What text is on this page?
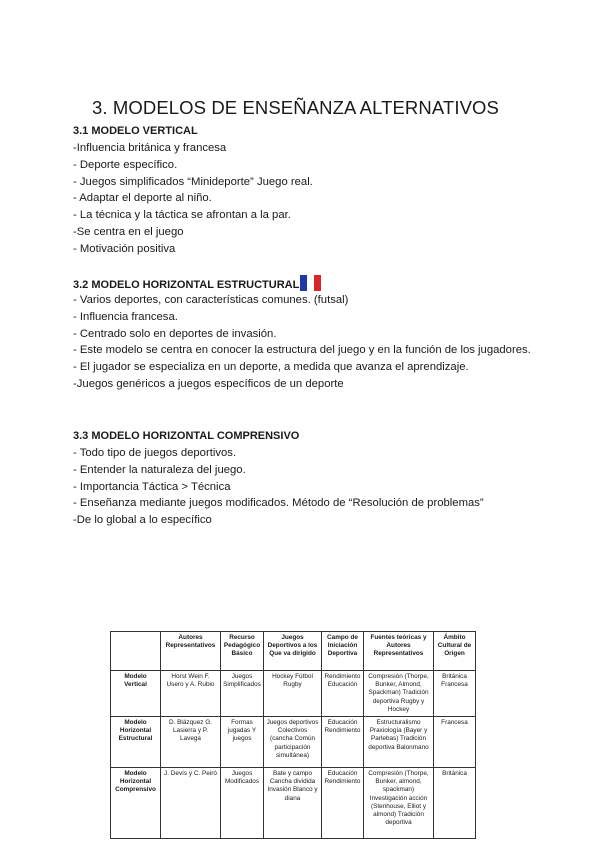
3. MODELOS DE ENSEÑANZA ALTERNATIVOS
3.1 MODELO VERTICAL
-Influencia británica y francesa
- Deporte específico.
- Juegos simplificados “Minideporte” Juego real.
- Adaptar el deporte al niño.
- La técnica y la táctica se afrontan a la par.
-Se centra en el juego
- Motivación positiva
3.2 MODELO HORIZONTAL ESTRUCTURAL
- Varios deportes, con características comunes. (futsal)
- Influencia francesa.
- Centrado solo en deportes de invasión.
- Este modelo se centra en conocer la estructura del juego y en la función de los jugadores.
- El jugador se especializa en un deporte, a medida que avanza el aprendizaje.
-Juegos genéricos a juegos específicos de un deporte
3.3 MODELO HORIZONTAL COMPRENSIVO
- Todo tipo de juegos deportivos.
- Entender la naturaleza del juego.
- Importancia Táctica > Técnica
- Enseñanza mediante juegos modificados. Método de “Resolución de problemas”
-De lo global a lo específico
	Autores Representativos	Recurso Pedagógico Básico	Juegos Deportivos a los Que va dirigido	Campo de Iniciación Deportiva	Fuentes teóricas y Autores Representativos	Ámbito Cultural de Origen
Modelo Vertical	Horst Wein F. Usero y A. Rubio	Juegos Simplificados	Hockey Fútbol Rugby	Rendimiento Educación	Compresión (Thorpe, Bunker, Almond, Spackman) Tradición deportiva Rugby y Hockey	Británica Francesa
Modelo Horizontal Estructural	D. Blázquez G. Lasierra y P. Lavega	Formas jugadas Y juegos	Juegos deportivos Colectivos (cancha Común participación simultánea)	Educación Rendimiento	Estructuralismo Praxiología (Bayer y Parlebas) Tradición deportiva Balonmano	Francesa
Modelo Horizontal Comprensivo	J. Devís y C. Peiró	Juegos Modificados	Bate y campo Cancha dividida Invasión Blanco y diana	Educación Rendimiento	Compresión (Thorpe, Bunker, almond, spackman) Investigación acción (Stenhouse, Elliot y almond) Tradición deportiva	Británica
